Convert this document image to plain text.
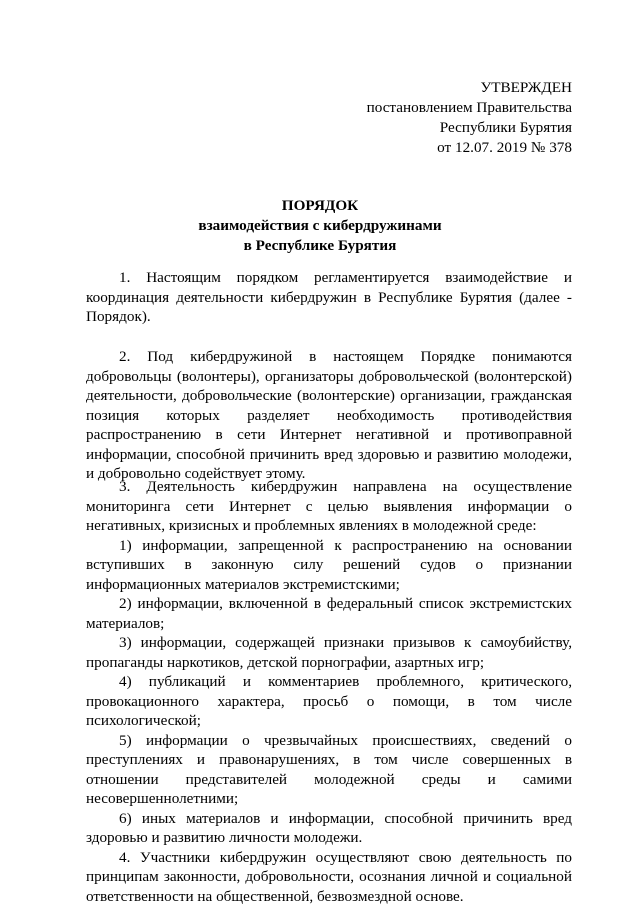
УТВЕРЖДЕН
постановлением Правительства
Республики Бурятия
от 12.07. 2019 № 378
ПОРЯДОК
взаимодействия с кибердружинами
в Республике Бурятия

1. Настоящим порядком регламентируется взаимодействие и координация деятельности кибердружин в Республике Бурятия (далее - Порядок).

2. Под кибердружиной в настоящем Порядке понимаются добровольцы (волонтеры), организаторы добровольческой (волонтерской) деятельности, добровольческие (волонтерские) организации, гражданская позиция которых разделяет необходимость противодействия распространению в сети Интернет негативной и противоправной информации, способной причинить вред здоровью и развитию молодежи, и добровольно содействует этому.

3. Деятельность кибердружин направлена на осуществление мониторинга сети Интернет с целью выявления информации о негативных, кризисных и проблемных явлениях в молодежной среде:

1) информации, запрещенной к распространению на основании вступивших в законную силу решений судов о признании информационных материалов экстремистскими;

2) информации, включенной в федеральный список экстремистских материалов;

3) информации, содержащей признаки призывов к самоубийству, пропаганды наркотиков, детской порнографии, азартных игр;

4) публикаций и комментариев проблемного, критического, провокационного характера, просьб о помощи, в том числе психологической;

5) информации о чрезвычайных происшествиях, сведений о преступлениях и правонарушениях, в том числе совершенных в отношении представителей молодежной среды и самими несовершеннолетними;

6) иных материалов и информации, способной причинить вред здоровью и развитию личности молодежи.

4. Участники кибердружин осуществляют свою деятельность по принципам законности, добровольности, осознания личной и социальной ответственности на общественной, безвозмездной основе.
